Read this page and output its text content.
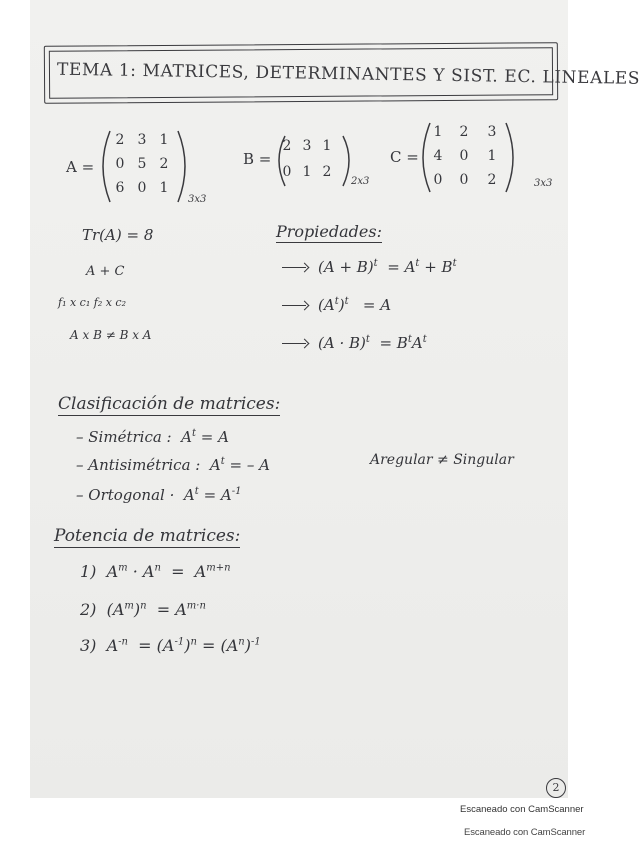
TEMA 1: MATRICES, DETERMINANTES Y SIST. EC. LINEALES
A =
2 3 1
0 5 2
6 0 1
3x3
B =
2 3 1
0 1 2
2x3
C =
1	2	3
4	0	1
0	0	2	3x3
Tr(A) = 8
A + C
f₁ x c₁ f₂ x c₂
A x B ≠ B x A
Propiedades:
$(A + B)^t = A^t + B^t$
$(A^t)^t = A$
$(A \cdot B)^t = B^tA^t$
Clasificación de matrices:
– Simétrica : $A^t = A$
– Antisimétrica : $A^t$ = – A
– Ortogonal · $A^t = A^{-1}$
Aregular ≠ Singular
Potencia de matrices:
1) $A^m \cdot A^n = A^{m+n}$
2) $(A^m)^n = A^{m\cdot n}$
3) $A^{-n} = (A^{-1})^n = (A^n)^{-1}$
2
Escaneado con CamScanner
Escaneado con CamScanner
